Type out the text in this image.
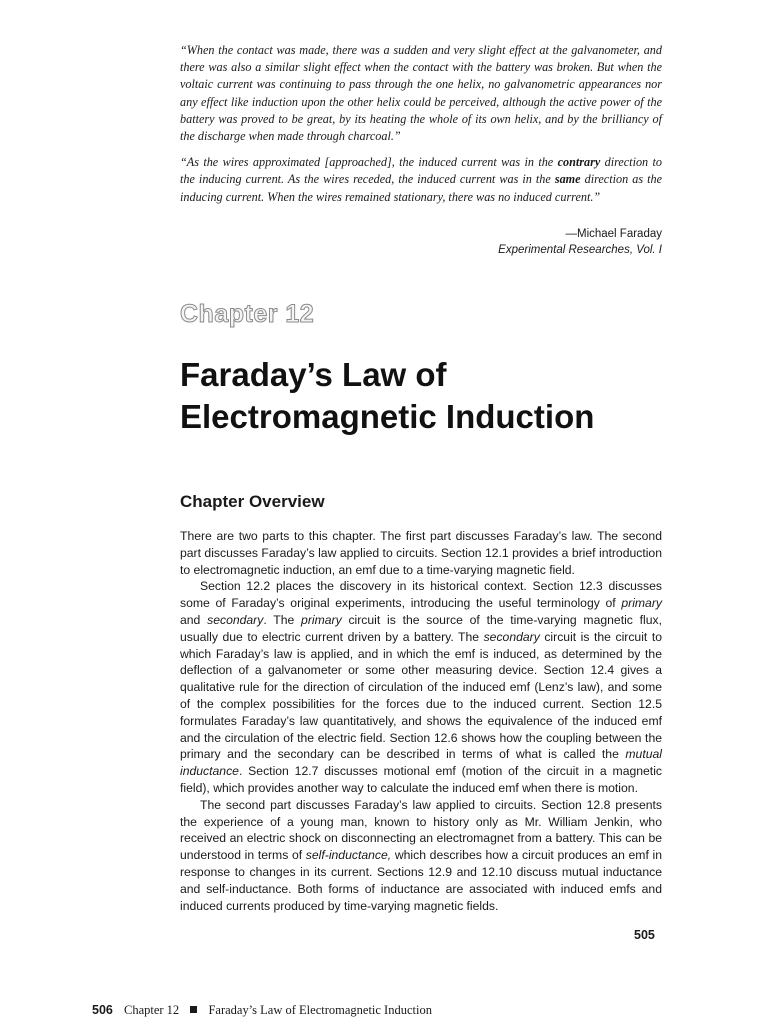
“When the contact was made, there was a sudden and very slight effect at the galvanometer, and there was also a similar slight effect when the contact with the battery was broken. But when the voltaic current was continuing to pass through the one helix, no galvanometric appearances nor any effect like induction upon the other helix could be perceived, although the active power of the battery was proved to be great, by its heating the whole of its own helix, and by the brilliancy of the discharge when made through charcoal.”

“As the wires approximated [approached], the induced current was in the contrary direction to the inducing current. As the wires receded, the induced current was in the same direction as the inducing current. When the wires remained stationary, there was no induced current.”

—Michael Faraday
Experimental Researches, Vol. I
Chapter 12
Faraday’s Law of
Electromagnetic Induction
Chapter Overview

There are two parts to this chapter. The first part discusses Faraday’s law. The second part discusses Faraday’s law applied to circuits. Section 12.1 provides a brief introduction to electromagnetic induction, an emf due to a time-varying magnetic field.

Section 12.2 places the discovery in its historical context. Section 12.3 discusses some of Faraday’s original experiments, introducing the useful terminology of primary and secondary. The primary circuit is the source of the time-varying magnetic flux, usually due to electric current driven by a battery. The secondary circuit is the circuit to which Faraday’s law is applied, and in which the emf is induced, as determined by the deflection of a galvanometer or some other measuring device. Section 12.4 gives a qualitative rule for the direction of circulation of the induced emf (Lenz’s law), and some of the complex possibilities for the forces due to the induced current. Section 12.5 formulates Faraday’s law quantitatively, and shows the equivalence of the induced emf and the circulation of the electric field. Section 12.6 shows how the coupling between the primary and the secondary can be described in terms of what is called the mutual inductance. Section 12.7 discusses motional emf (motion of the circuit in a magnetic field), which provides another way to calculate the induced emf when there is motion.

The second part discusses Faraday’s law applied to circuits. Section 12.8 presents the experience of a young man, known to history only as Mr. William Jenkin, who received an electric shock on disconnecting an electromagnet from a battery. This can be understood in terms of self-inductance, which describes how a circuit produces an emf in response to changes in its current. Sections 12.9 and 12.10 discuss mutual inductance and self-inductance. Both forms of inductance are associated with induced emfs and induced currents produced by time-varying magnetic fields.

505
506 Chapter 12 Faraday’s Law of Electromagnetic Induction
